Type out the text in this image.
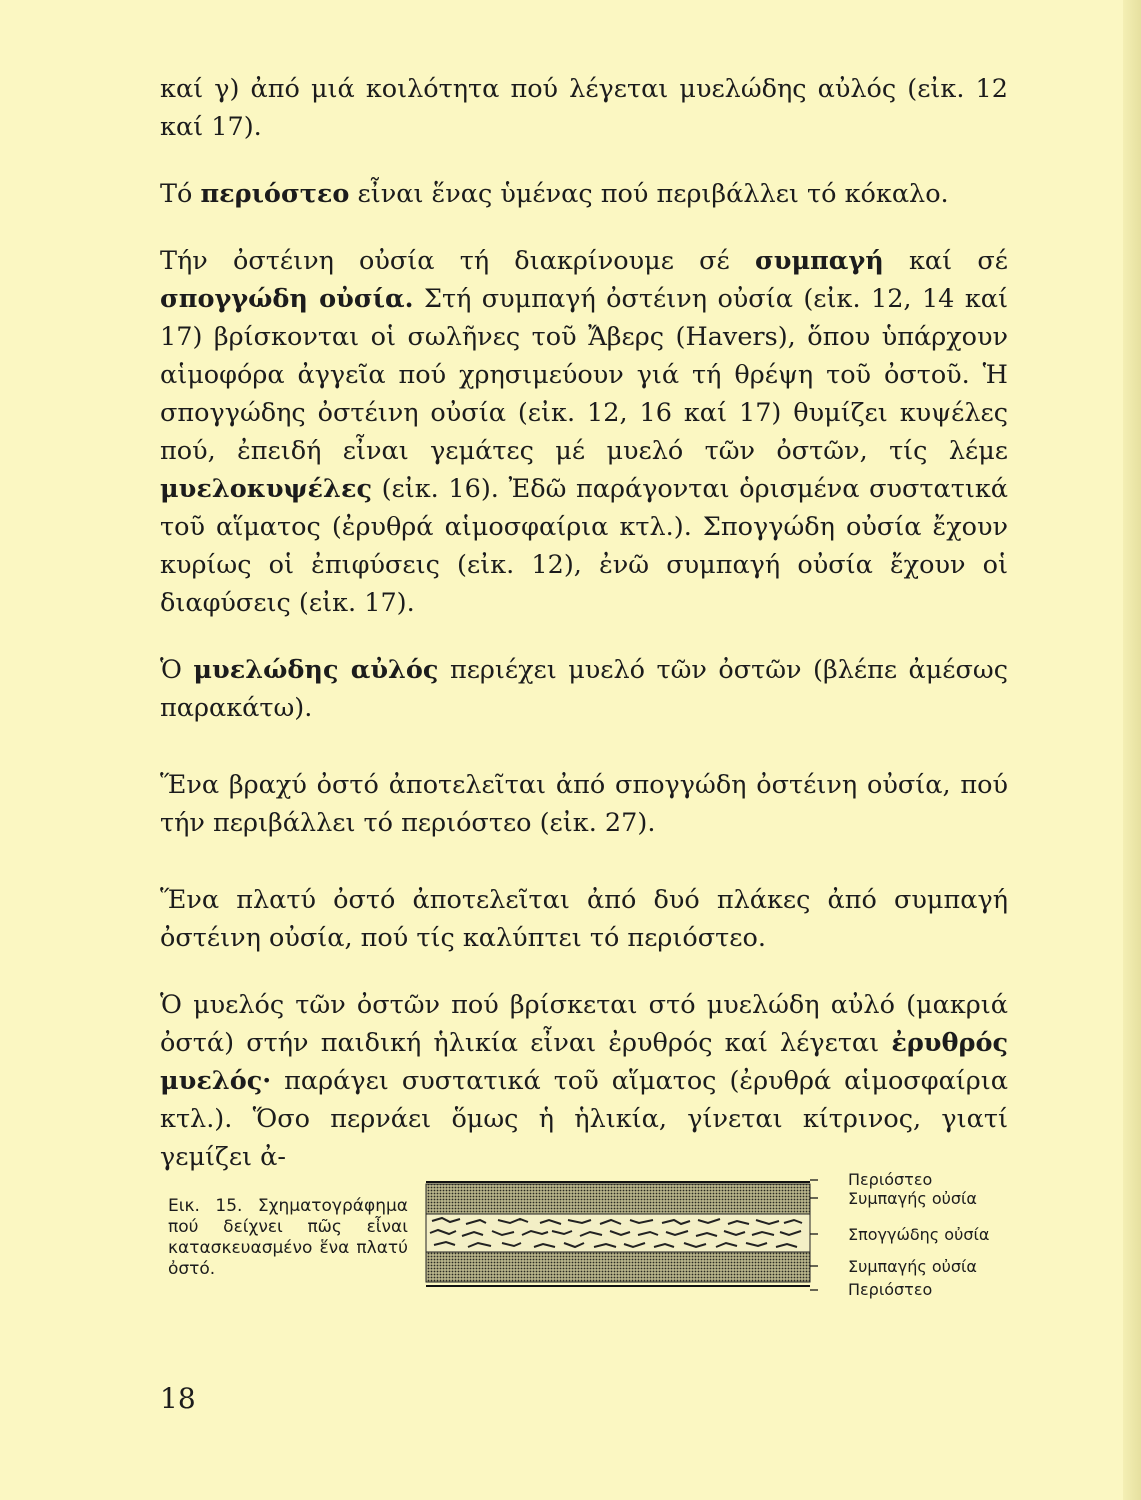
καί γ) ἀπό μιά κοιλότητα πού λέγεται μυελώδης αὐλός (εἰκ. 12 καί 17).

Τό περιόστεο εἶναι ἕνας ὑμένας πού περιβάλλει τό κόκαλο.

Τήν ὀστέινη οὐσία τή διακρίνουμε σέ συμπαγή καί σέ σπογγώδη οὐσία. Στή συμπαγή ὀστέινη οὐσία (εἰκ. 12, 14 καί 17) βρίσκονται οἱ σωλῆνες τοῦ Ἄβερς (Havers), ὅπου ὑπάρχουν αἱμοφόρα ἀγγεῖα πού χρησιμεύουν γιά τή θρέψη τοῦ ὀστοῦ. Ἡ σπογγώδης ὀστέινη οὐσία (εἰκ. 12, 16 καί 17) θυμίζει κυψέλες πού, ἐπειδή εἶναι γεμάτες μέ μυελό τῶν ὀστῶν, τίς λέμε μυελοκυψέλες (εἰκ. 16). Ἐδῶ παράγονται ὁρισμένα συστατικά τοῦ αἵματος (ἐρυθρά αἱμοσφαίρια κτλ.). Σπογγώδη οὐσία ἔχουν κυρίως οἱ ἐπιφύσεις (εἰκ. 12), ἐνῶ συμπαγή οὐσία ἔχουν οἱ διαφύσεις (εἰκ. 17).

Ὁ μυελώδης αὐλός περιέχει μυελό τῶν ὀστῶν (βλέπε ἀμέσως παρακάτω).

Ἕνα βραχύ ὀστό ἀποτελεῖται ἀπό σπογγώδη ὀστέινη οὐσία, πού τήν περιβάλλει τό περιόστεο (εἰκ. 27).

Ἕνα πλατύ ὀστό ἀποτελεῖται ἀπό δυό πλάκες ἀπό συμπαγή ὀστέινη οὐσία, πού τίς καλύπτει τό περιόστεο.

Ὁ μυελός τῶν ὀστῶν πού βρίσκεται στό μυελώδη αὐλό (μακριά ὀστά) στήν παιδική ἡλικία εἶναι ἐρυθρός καί λέγεται ἐρυθρός μυελός· παράγει συστατικά τοῦ αἵματος (ἐρυθρά αἱμοσφαίρια κτλ.). Ὅσο περνάει ὅμως ἡ ἡλικία, γίνεται κίτρινος, γιατί γεμίζει ἀ-

Εικ. 15. Σχηματογράφημα πού δείχνει πῶς εἶναι κατασκευασμένο ἕνα πλατύ ὀστό.
Περιόστεο
Συμπαγής οὐσία
Σπογγώδης οὐσία
Συμπαγής οὐσία
Περιόστεο
18
